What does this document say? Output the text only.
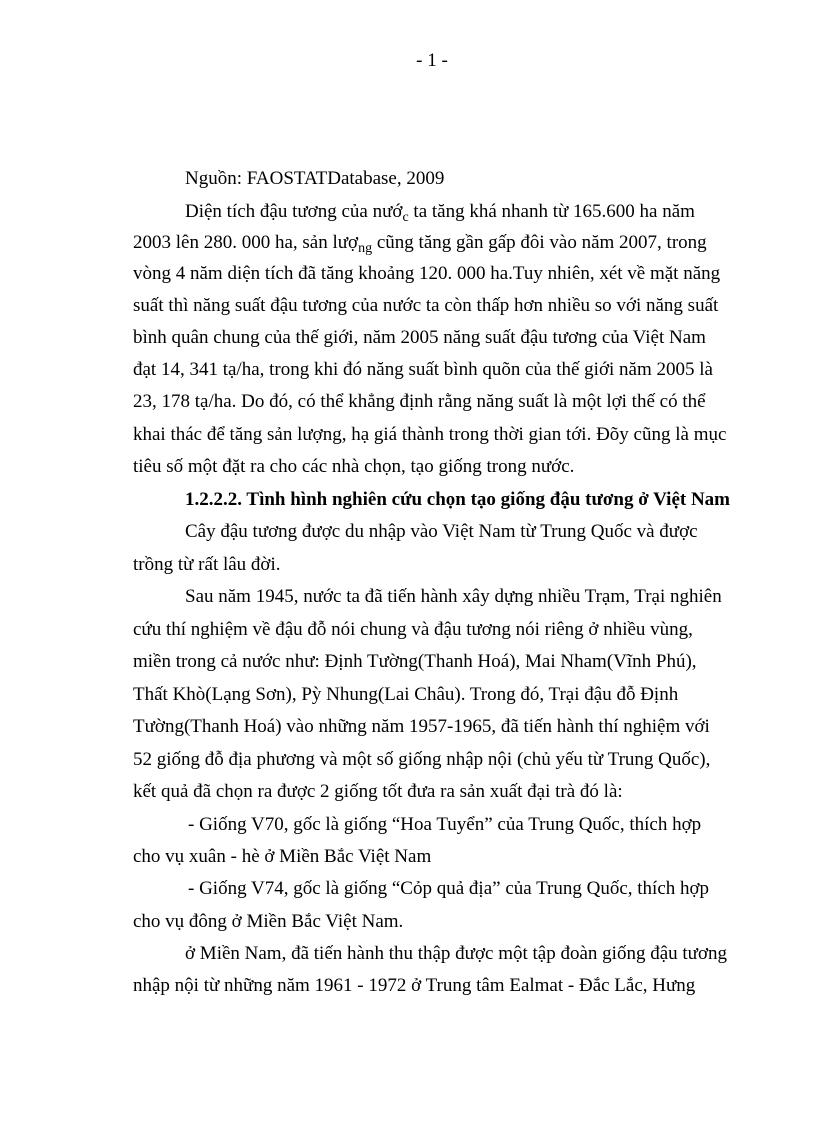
- 1 -
Nguồn: FAOSTATDatabase, 2009
Diện tích đậu tương của nướ$_c$ ta tăng khá nhanh từ 165.600 ha năm
2003 lên 280. 000 ha, sản lượ$_{ng}$ cũng tăng gần gấp đôi vào năm 2007, trong
vòng 4 năm diện tích đã tăng khoảng 120. 000 ha.Tuy nhiên, xét về mặt năng
suất thì năng suất đậu tương của nước ta còn thấp hơn nhiều so với năng suất
bình quân chung của thế giới, năm 2005 năng suất đậu tương của Việt Nam
đạt 14, 341 tạ/ha, trong khi đó năng suất bình quõn của thế giới năm 2005 là
23, 178 tạ/ha. Do đó, có thể khẳng định rằng năng suất là một lợi thế có thể
khai thác để tăng sản lượng, hạ giá thành trong thời gian tới. Đõy cũng là mục
tiêu số một đặt ra cho các nhà chọn, tạo giống trong nước.
1.2.2.2. Tình hình nghiên cứu chọn tạo giống đậu tương ở Việt Nam
Cây đậu tương được du nhập vào Việt Nam từ Trung Quốc và được
trồng từ rất lâu đời.
Sau năm 1945, nước ta đã tiến hành xây dựng nhiều Trạm, Trại nghiên
cứu thí nghiệm về đậu đỗ nói chung và đậu tương nói riêng ở nhiều vùng,
miền trong cả nước như: Định Tường(Thanh Hoá), Mai Nham(Vĩnh Phú),
Thất Khò(Lạng Sơn), Pỳ Nhung(Lai Châu). Trong đó, Trại đậu đỗ Định
Tường(Thanh Hoá) vào những năm 1957-1965, đã tiến hành thí nghiệm với
52 giống đỗ địa phương và một số giống nhập nội (chủ yếu từ Trung Quốc),
kết quả đã chọn ra được 2 giống tốt đưa ra sản xuất đại trà đó là:
- Giống V70, gốc là giống “Hoa Tuyển” của Trung Quốc, thích hợp
cho vụ xuân - hè ở Miền Bắc Việt Nam
- Giống V74, gốc là giống “Cỏp quả địa” của Trung Quốc, thích hợp
cho vụ đông ở Miền Bắc Việt Nam.
ở Miền Nam, đã tiến hành thu thập được một tập đoàn giống đậu tương
nhập nội từ những năm 1961 - 1972 ở Trung tâm Ealmat - Đắc Lắc, Hưng
